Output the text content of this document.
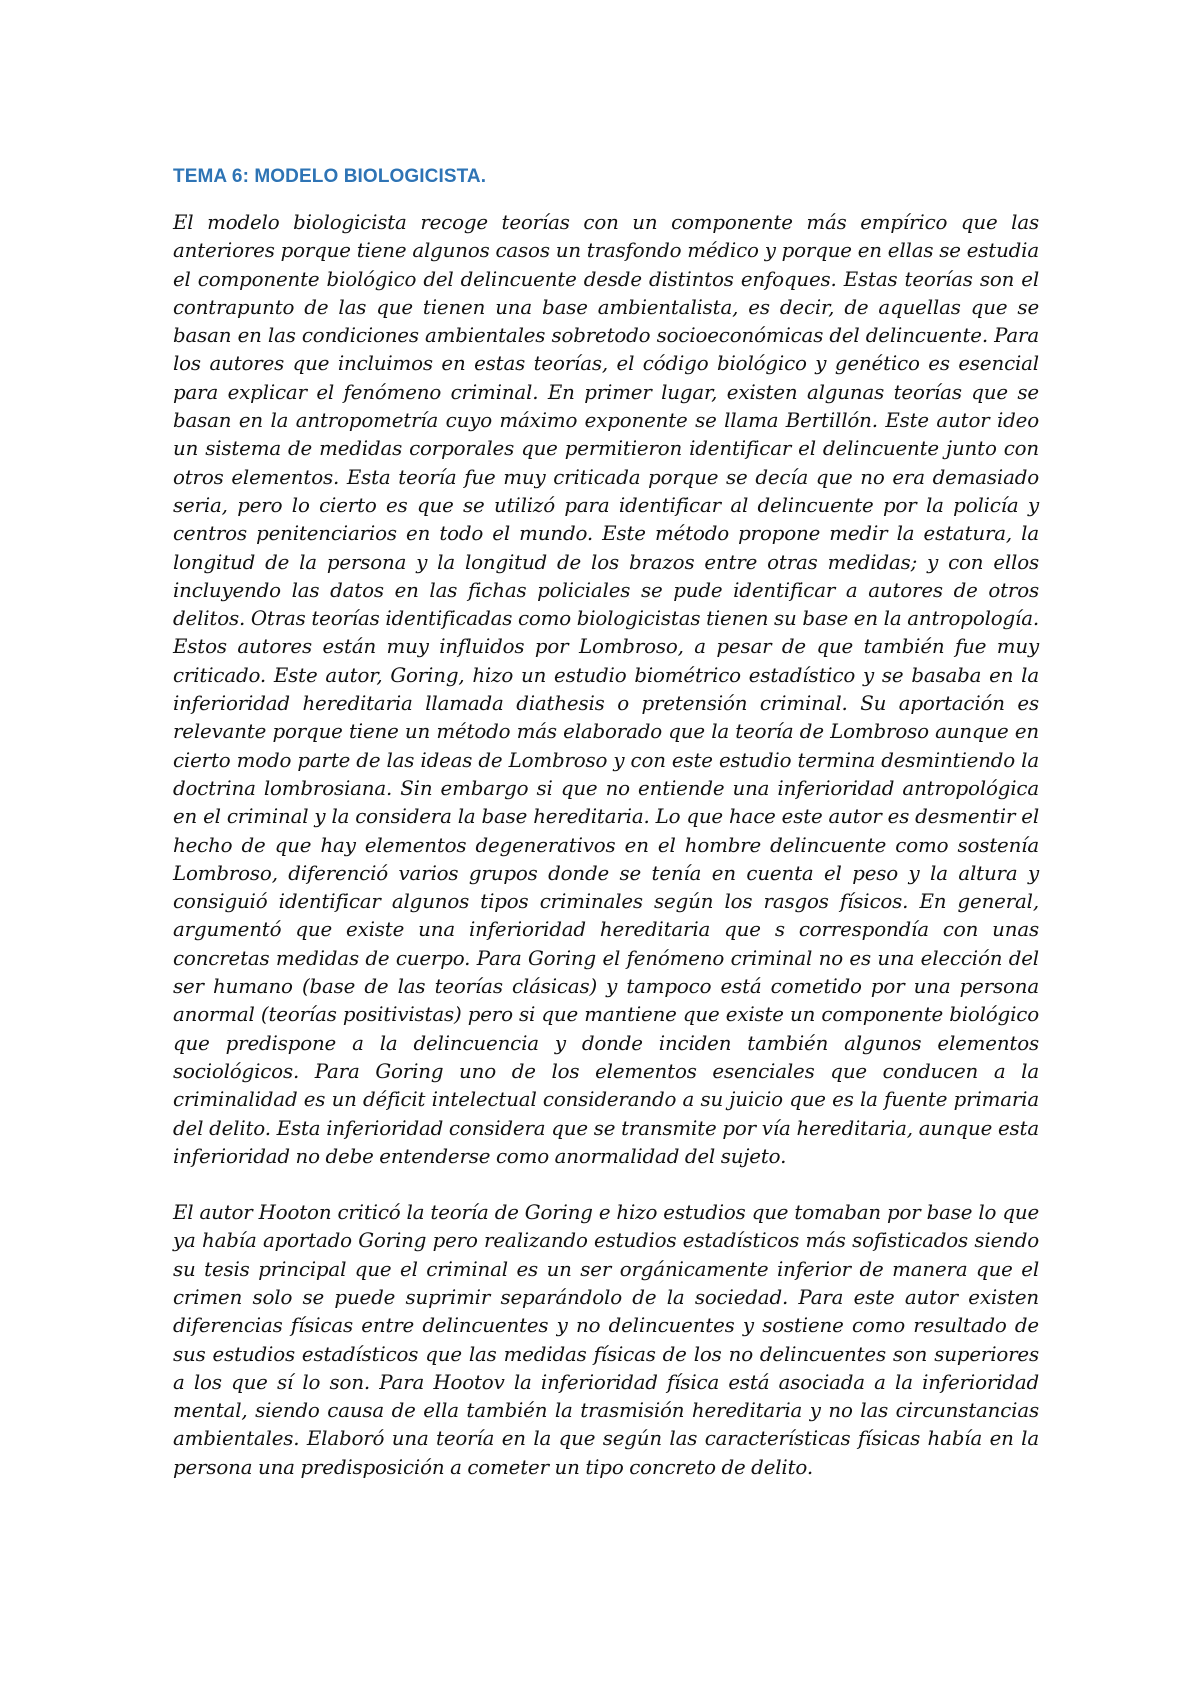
TEMA 6: MODELO BIOLOGICISTA.

El modelo biologicista recoge teorías con un componente más empírico que las anteriores porque tiene algunos casos un trasfondo médico y porque en ellas se estudia el componente biológico del delincuente desde distintos enfoques. Estas teorías son el contrapunto de las que tienen una base ambientalista, es decir, de aquellas que se basan en las condiciones ambientales sobretodo socioeconómicas del delincuente. Para los autores que incluimos en estas teorías, el código biológico y genético es esencial para explicar el fenómeno criminal. En primer lugar, existen algunas teorías que se basan en la antropometría cuyo máximo exponente se llama Bertillón. Este autor ideo un sistema de medidas corporales que permitieron identificar el delincuente junto con otros elementos. Esta teoría fue muy criticada porque se decía que no era demasiado seria, pero lo cierto es que se utilizó para identificar al delincuente por la policía y centros penitenciarios en todo el mundo. Este método propone medir la estatura, la longitud de la persona y la longitud de los brazos entre otras medidas; y con ellos incluyendo las datos en las fichas policiales se pude identificar a autores de otros delitos. Otras teorías identificadas como biologicistas tienen su base en la antropología. Estos autores están muy influidos por Lombroso, a pesar de que también fue muy criticado. Este autor, Goring, hizo un estudio biométrico estadístico y se basaba en la inferioridad hereditaria llamada diathesis o pretensión criminal. Su aportación es relevante porque tiene un método más elaborado que la teoría de Lombroso aunque en cierto modo parte de las ideas de Lombroso y con este estudio termina desmintiendo la doctrina lombrosiana. Sin embargo si que no entiende una inferioridad antropológica en el criminal y la considera la base hereditaria. Lo que hace este autor es desmentir el hecho de que hay elementos degenerativos en el hombre delincuente como sostenía Lombroso, diferenció varios grupos donde se tenía en cuenta el peso y la altura y consiguió identificar algunos tipos criminales según los rasgos físicos. En general, argumentó que existe una inferioridad hereditaria que s correspondía con unas concretas medidas de cuerpo. Para Goring el fenómeno criminal no es una elección del ser humano (base de las teorías clásicas) y tampoco está cometido por una persona anormal (teorías positivistas) pero si que mantiene que existe un componente biológico que predispone a la delincuencia y donde inciden también algunos elementos sociológicos. Para Goring uno de los elementos esenciales que conducen a la criminalidad es un déficit intelectual considerando a su juicio que es la fuente primaria del delito. Esta inferioridad considera que se transmite por vía hereditaria, aunque esta inferioridad no debe entenderse como anormalidad del sujeto.

El autor Hooton criticó la teoría de Goring e hizo estudios que tomaban por base lo que ya había aportado Goring pero realizando estudios estadísticos más sofisticados siendo su tesis principal que el criminal es un ser orgánicamente inferior de manera que el crimen solo se puede suprimir separándolo de la sociedad. Para este autor existen diferencias físicas entre delincuentes y no delincuentes y sostiene como resultado de sus estudios estadísticos que las medidas físicas de los no delincuentes son superiores a los que sí lo son. Para Hootov la inferioridad física está asociada a la inferioridad mental, siendo causa de ella también la trasmisión hereditaria y no las circunstancias ambientales. Elaboró una teoría en la que según las características físicas había en la persona una predisposición a cometer un tipo concreto de delito.
